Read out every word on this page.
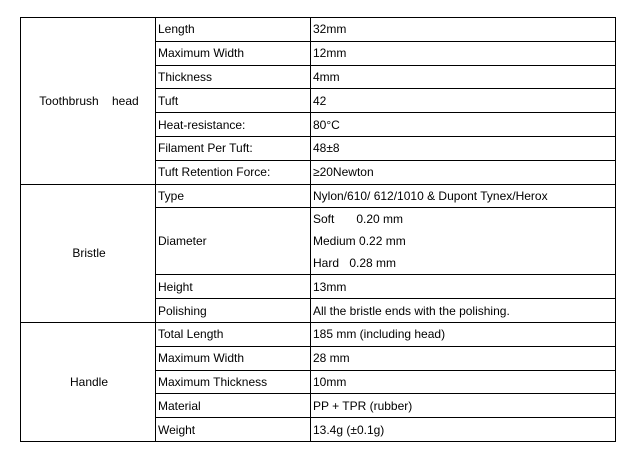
Toothbrush head	Length	32mm
	Maximum Width	12mm
	Thickness	4mm
	Tuft	42
	Heat-resistance:	80°C
	Filament Per Tuft:	48±8
	Tuft Retention Force:	≥20Newton
Bristle	Type	Nylon/610/ 612/1010 & Dupont Tynex/Herox
	Diameter	Soft 0.20 mm
Medium 0.22 mm
Hard 0.28 mm

	Height	13mm
	Polishing	All the bristle ends with the polishing.
Handle	Total Length	185 mm (including head)
	Maximum Width	28 mm
	Maximum Thickness	10mm
	Material	PP + TPR (rubber)
	Weight	13.4g (±0.1g)
